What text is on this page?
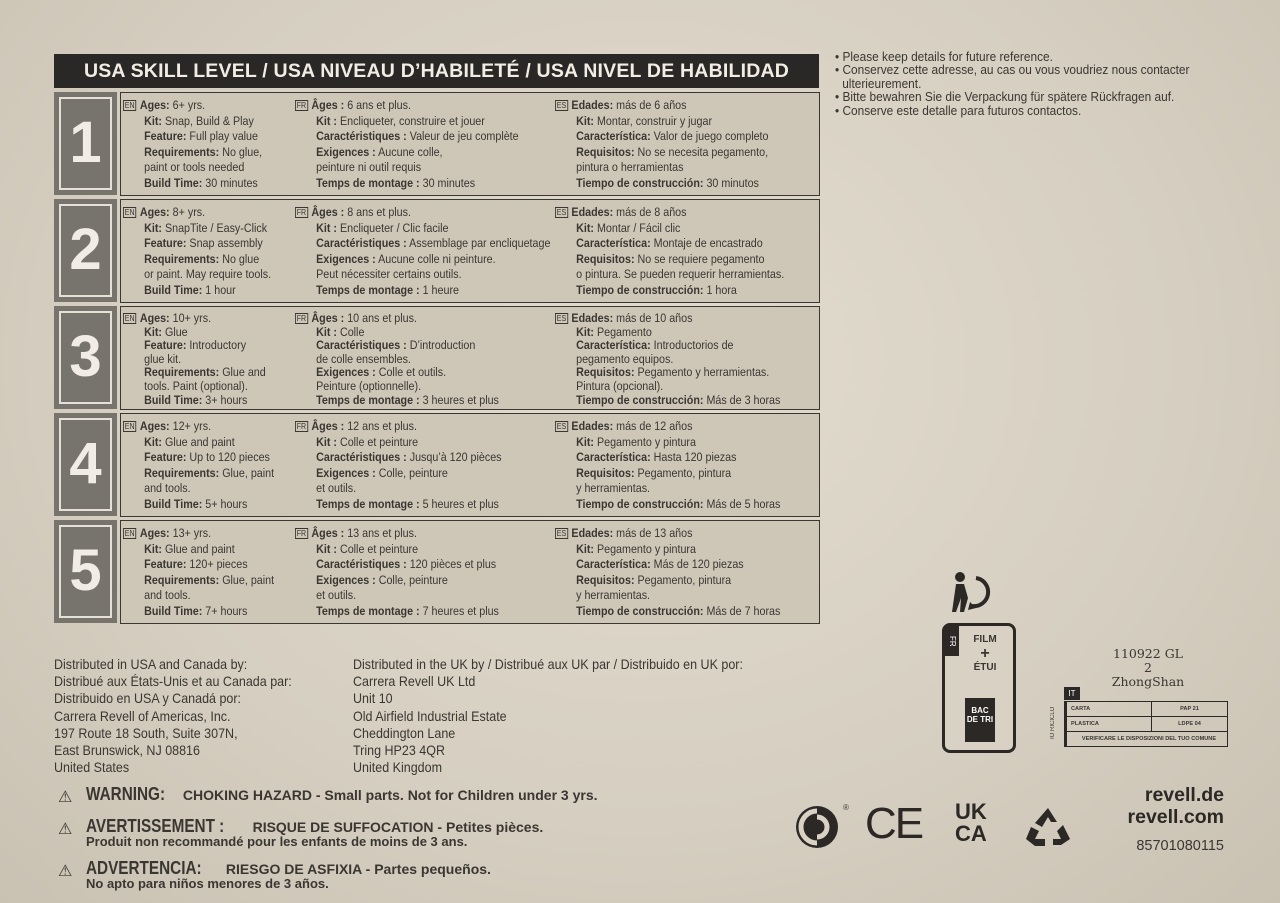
USA SKILL LEVEL / USA NIVEAU D’HABILETÉ / USA NIVEL DE HABILIDAD
1
EN Ages: 6+ yrs.
Kit: Snap, Build & Play
Feature: Full play value
Requirements: No glue,
paint or tools needed
Build Time: 30 minutes
FR Âges : 6 ans et plus.
Kit : Encliqueter, construire et jouer
Caractéristiques : Valeur de jeu complète
Exigences : Aucune colle,
peinture ni outil requis
Temps de montage : 30 minutes
ES Edades: más de 6 años
Kit: Montar, construir y jugar
Característica: Valor de juego completo
Requisitos: No se necesita pegamento,
pintura o herramientas
Tiempo de construcción: 30 minutos
2
EN Ages: 8+ yrs.
Kit: SnapTite / Easy-Click
Feature: Snap assembly
Requirements: No glue
or paint. May require tools.
Build Time: 1 hour
FR Âges : 8 ans et plus.
Kit : Encliqueter / Clic facile
Caractéristiques : Assemblage par encliquetage
Exigences : Aucune colle ni peinture.
Peut nécessiter certains outils.
Temps de montage : 1 heure
ES Edades: más de 8 años
Kit: Montar / Fácil clic
Característica: Montaje de encastrado
Requisitos: No se requiere pegamento
o pintura. Se pueden requerir herramientas.
Tiempo de construcción: 1 hora
3
EN Ages: 10+ yrs.
Kit: Glue
Feature: Introductory
glue kit.
Requirements: Glue and
tools. Paint (optional).
Build Time: 3+ hours
FR Âges : 10 ans et plus.
Kit : Colle
Caractéristiques : D’introduction
de colle ensembles.
Exigences : Colle et outils.
Peinture (optionnelle).
Temps de montage : 3 heures et plus
ES Edades: más de 10 años
Kit: Pegamento
Característica: Introductorios de
pegamento equipos.
Requisitos: Pegamento y herramientas.
Pintura (opcional).
Tiempo de construcción: Más de 3 horas
4
EN Ages: 12+ yrs.
Kit: Glue and paint
Feature: Up to 120 pieces
Requirements: Glue, paint
and tools.
Build Time: 5+ hours
FR Âges : 12 ans et plus.
Kit : Colle et peinture
Caractéristiques : Jusqu’à 120 pièces
Exigences : Colle, peinture
et outils.
Temps de montage : 5 heures et plus
ES Edades: más de 12 años
Kit: Pegamento y pintura
Característica: Hasta 120 piezas
Requisitos: Pegamento, pintura
y herramientas.
Tiempo de construcción: Más de 5 horas
5
EN Ages: 13+ yrs.
Kit: Glue and paint
Feature: 120+ pieces
Requirements: Glue, paint
and tools.
Build Time: 7+ hours
FR Âges : 13 ans et plus.
Kit : Colle et peinture
Caractéristiques : 120 pièces et plus
Exigences : Colle, peinture
et outils.
Temps de montage : 7 heures et plus
ES Edades: más de 13 años
Kit: Pegamento y pintura
Característica: Más de 120 piezas
Requisitos: Pegamento, pintura
y herramientas.
Tiempo de construcción: Más de 7 horas
• Please keep details for future reference.
• Conservez cette adresse, au cas ou vous voudriez nous contacter
ulterieurement.
• Bitte bewahren Sie die Verpackung für spätere Rückfragen auf.
• Conserve este detalle para futuros contactos.
Distributed in USA and Canada by:
Distribué aux États-Unis et au Canada par:
Distribuido en USA y Canadá por:
Carrera Revell of Americas, Inc.
197 Route 18 South, Suite 307N,
East Brunswick, NJ 08816
United States
Distributed in the UK by / Distribué aux UK par / Distribuido en UK por:
Carrera Revell UK Ltd
Unit 10
Old Airfield Industrial Estate
Cheddington Lane
Tring HP23 4QR
United Kingdom
⚠ WARNING: CHOKING HAZARD - Small parts. Not for Children under 3 yrs.
⚠ AVERTISSEMENT : RISQUE DE SUFFOCATION - Petites pièces.
Produit non recommandé pour les enfants de moins de 3 ans.
⚠ ADVERTENCIA: RIESGO DE ASFIXIA - Partes pequeños.
No apto para niños menores de 3 años.
FR	FILM
+
ÉTUI
BAC DE TRI
110922 GL 2
ZhongShan
IT
IO RICICLO	CARTA	PAP 21
PLASTICA	LDPE 04
VERIFICARE LE DISPOSIZIONI DEL TUO COMUNE
® CE UK
CA
revell.de
revell.com
85701080115
